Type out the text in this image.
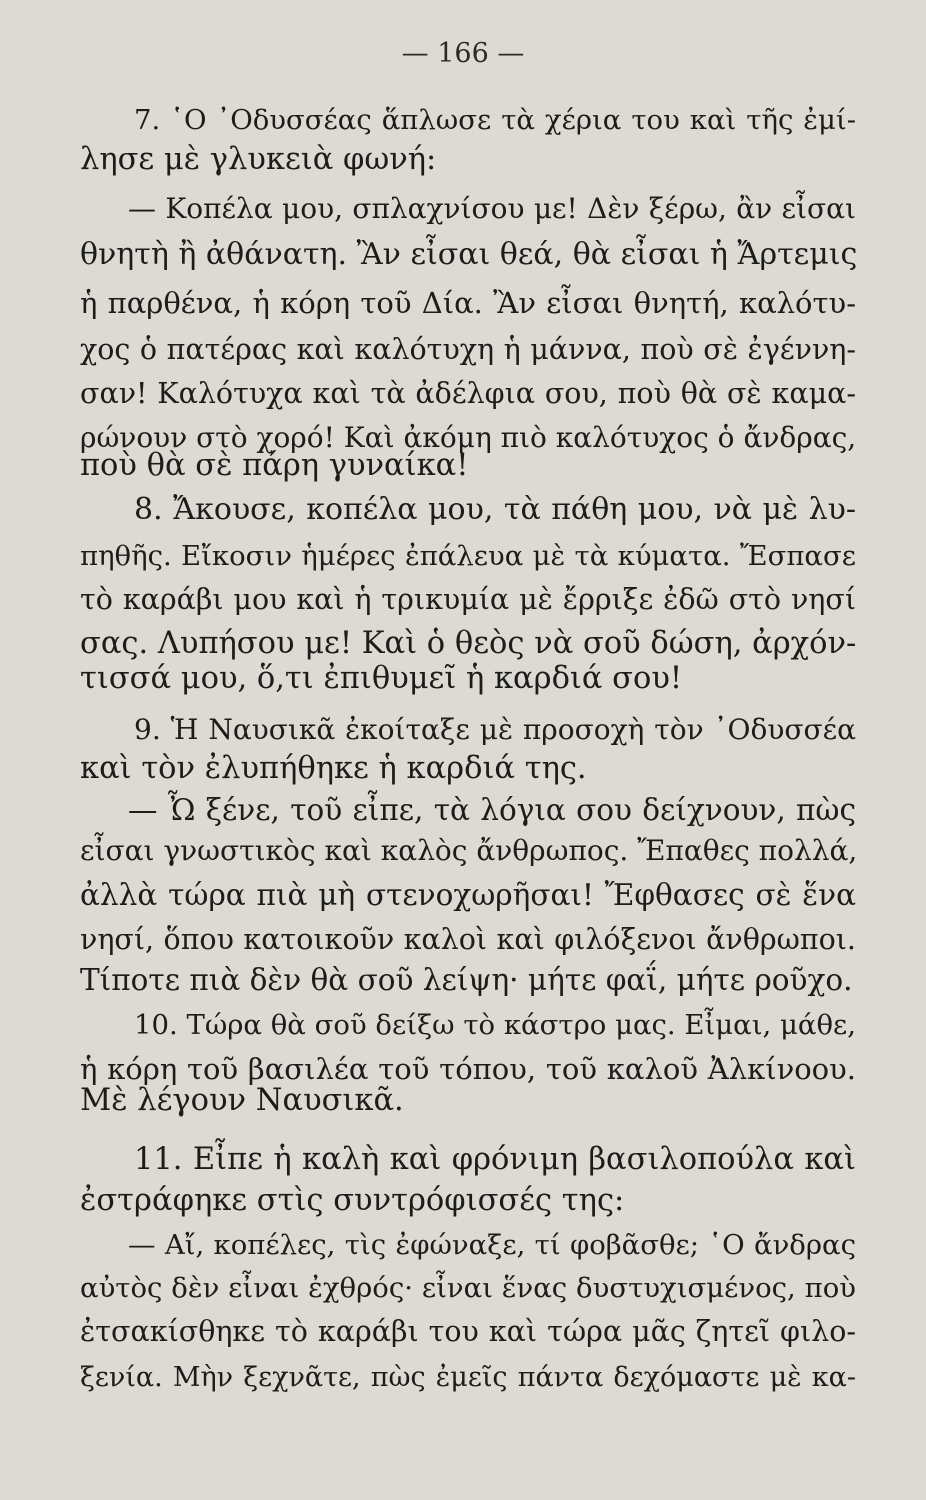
— 166 —
7. ῾Ο ᾿Οδυσσέας ἅπλωσε τὰ χέρια του καὶ τῆς ἐμί-
λησε μὲ γλυκειὰ φωνή:
— Κοπέλα μου, σπλαχνίσου με! Δὲν ξέρω, ἂν εἶσαι
θνητὴ ἢ ἀθάνατη. Ἂν εἶσαι θεά, θὰ εἶσαι ἡ Ἄρτεμις
ἡ παρθένα, ἡ κόρη τοῦ Δία. Ἂν εἶσαι θνητή, καλότυ-
χος ὁ πατέρας καὶ καλότυχη ἡ μάννα, ποὺ σὲ ἐγέννη-
σαν! Καλότυχα καὶ τὰ ἀδέλφια σου, ποὺ θὰ σὲ καμα-
ρώνουν στὸ χορό! Καὶ ἀκόμη πιὸ καλότυχος ὁ ἄνδρας,
ποὺ θὰ σὲ πάρη γυναίκα!
8. Ἄκουσε, κοπέλα μου, τὰ πάθη μου, νὰ μὲ λυ-
πηθῆς. Εἴκοσιν ἡμέρες ἐπάλευα μὲ τὰ κύματα. Ἔσπασε
τὸ καράβι μου καὶ ἡ τρικυμία μὲ ἔρριξε ἐδῶ στὸ νησί
σας. Λυπήσου με! Καὶ ὁ θεὸς νὰ σοῦ δώση, ἀρχόν-
τισσά μου, ὅ,τι ἐπιθυμεῖ ἡ καρδιά σου!
9. Ἡ Ναυσικᾶ ἐκοίταξε μὲ προσοχὴ τὸν ᾿Οδυσσέα
καὶ τὸν ἐλυπήθηκε ἡ καρδιά της.
— Ὦ ξένε, τοῦ εἶπε, τὰ λόγια σου δείχνουν, πὼς
εἶσαι γνωστικὸς καὶ καλὸς ἄνθρωπος. Ἔπαθες πολλά,
ἀλλὰ τώρα πιὰ μὴ στενοχωρῆσαι! Ἔφθασες σὲ ἕνα
νησί, ὅπου κατοικοῦν καλοὶ καὶ φιλόξενοι ἄνθρωποι.
Τίποτε πιὰ δὲν θὰ σοῦ λείψη· μήτε φαΐ, μήτε ροῦχο.
10. Τώρα θὰ σοῦ δείξω τὸ κάστρο μας. Εἶμαι, μάθε,
ἡ κόρη τοῦ βασιλέα τοῦ τόπου, τοῦ καλοῦ Ἀλκίνοου.
Μὲ λέγουν Ναυσικᾶ.
11. Εἶπε ἡ καλὴ καὶ φρόνιμη βασιλοπούλα καὶ
ἐστράφηκε στὶς συντρόφισσές της:
— Αἴ, κοπέλες, τὶς ἐφώναξε, τί φοβᾶσθε; ῾Ο ἄνδρας
αὐτὸς δὲν εἶναι ἐχθρός· εἶναι ἕνας δυστυχισμένος, ποὺ
ἐτσακίσθηκε τὸ καράβι του καὶ τώρα μᾶς ζητεῖ φιλο-
ξενία. Μὴν ξεχνᾶτε, πὼς ἐμεῖς πάντα δεχόμαστε μὲ κα-
